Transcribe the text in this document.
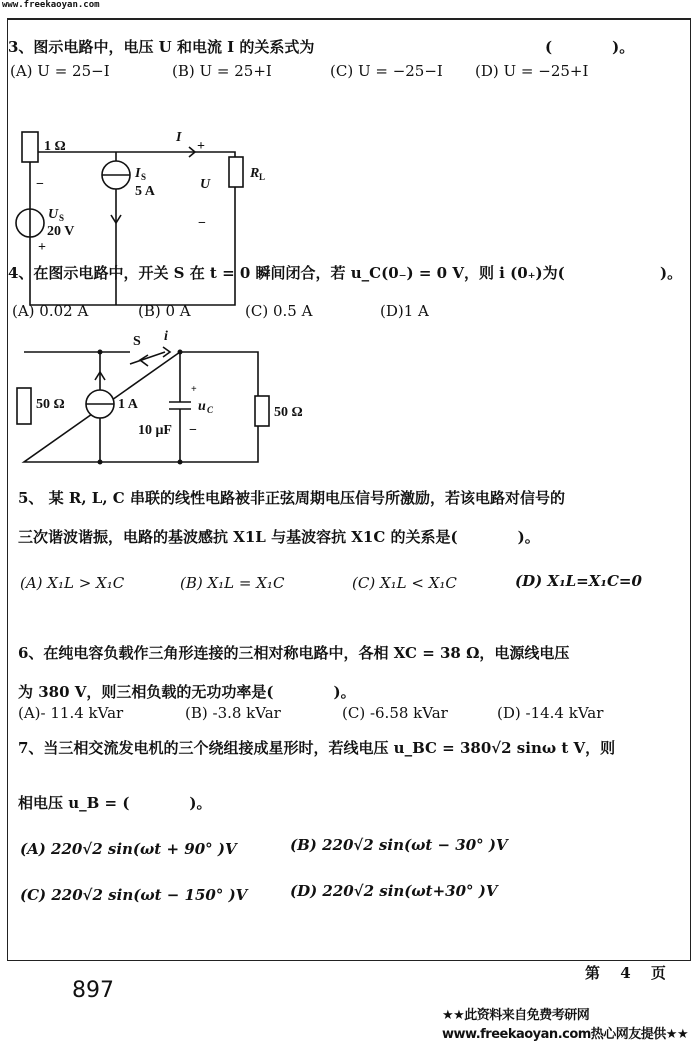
www.freekaoyan.com
3、图示电路中，电压 U 和电流 I 的关系式为	(　　　　)。
(A) U = 25−I	(B) U = 25+I	(C) U = −25−I (D) U = −25+I
1 Ω
−
U S
20 V
+
I S
5 A
I
+
U
−
R L
4、在图示电路中，开关 S 在 t = 0 瞬间闭合，若 u_C(0₋) = 0 V，则 i (0₊)为( 　　　　)。
(A) 0.02 A	(B) 0 A	(C) 0.5 A	(D)1 A
50 Ω	1 A
S i
+
u C
10 μF −
50 Ω
5、 某 R, L, C 串联的线性电路被非正弦周期电压信号所激励，若该电路对信号的
三次谐波谐振，电路的基波感抗 X1L 与基波容抗 X1C 的关系是(　　　　)。
(A) X₁L > X₁C	(B) X₁L = X₁C	(C) X₁L < X₁C	(D) X₁L=X₁C=0
6、在纯电容负载作三角形连接的三相对称电路中，各相 XC = 38 Ω，电源线电压
为 380 V，则三相负载的无功功率是(　　　　)。
(A)- 11.4 kVar	(B) -3.8 kVar	(C) -6.58 kVar	(D) -14.4 kVar
7、当三相交流发电机的三个绕组接成星形时，若线电压 u_BC = 380√2 sinω t V，则
相电压 u_B = (　　　　)。
(A) 220√2 sin(ωt + 90° )V	(B) 220√2 sin(ωt − 30° )V
(C) 220√2 sin(ωt − 150° )V	(D) 220√2 sin(ωt+30° )V
第　 4 　页
897
★★此资料来自免费考研网www.freekaoyan.com热心网友提供★★
